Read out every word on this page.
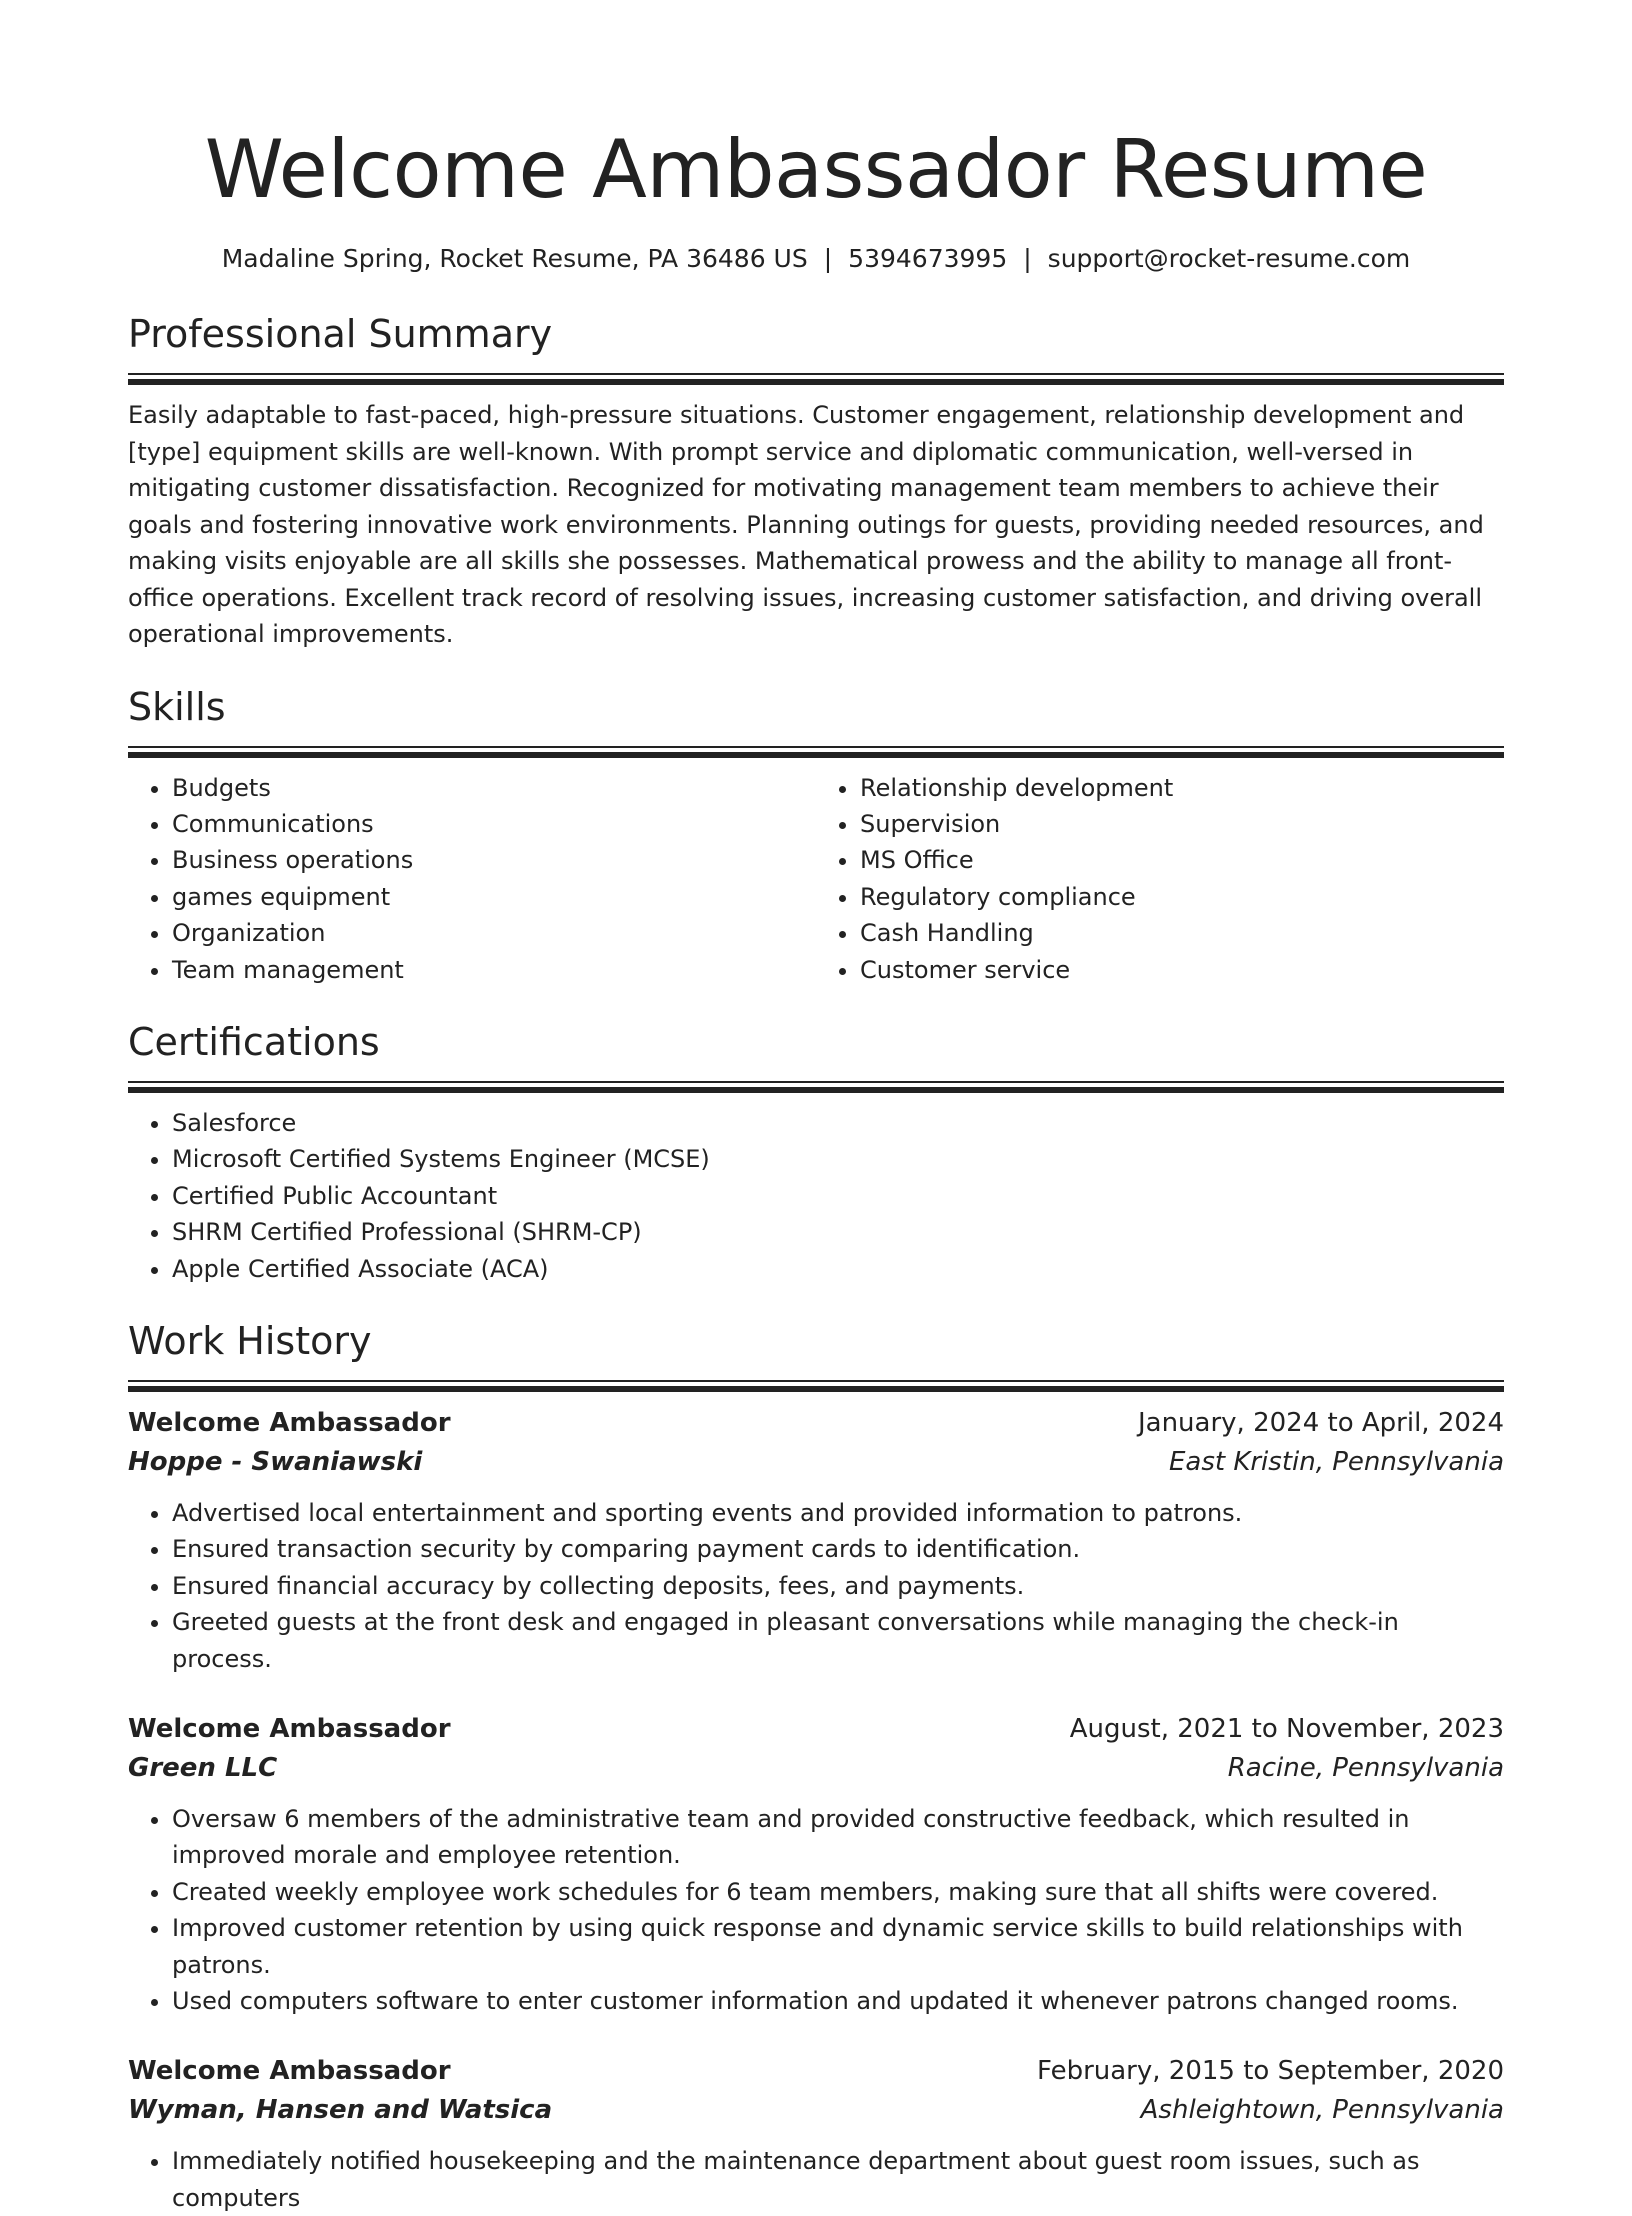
Welcome Ambassador Resume
Madaline Spring, Rocket Resume, PA 36486 US | 5394673995 | support@rocket-resume.com
Professional Summary

Easily adaptable to fast-paced, high-pressure situations. Customer engagement, relationship development and [type] equipment skills are well-known. With prompt service and diplomatic communication, well-versed in mitigating customer dissatisfaction. Recognized for motivating management team members to achieve their goals and fostering innovative work environments. Planning outings for guests, providing needed resources, and making visits enjoyable are all skills she possesses. Mathematical prowess and the ability to manage all front-office operations. Excellent track record of resolving issues, increasing customer satisfaction, and driving overall operational improvements.

Skills
• Budgets
• Communications
• Business operations
• games equipment
• Organization
• Team management
• Relationship development
• Supervision
• MS Office
• Regulatory compliance
• Cash Handling
• Customer service
Certifications
• Salesforce
• Microsoft Certified Systems Engineer (MCSE)
• Certified Public Accountant
• SHRM Certified Professional (SHRM-CP)
• Apple Certified Associate (ACA)
Work History
Welcome Ambassador	January, 2024 to April, 2024
Hoppe - Swaniawski	East Kristin, Pennsylvania
• Advertised local entertainment and sporting events and provided information to patrons.
• Ensured transaction security by comparing payment cards to identification.
• Ensured financial accuracy by collecting deposits, fees, and payments.
• Greeted guests at the front desk and engaged in pleasant conversations while managing the check-in process.
Welcome Ambassador	August, 2021 to November, 2023
Green LLC	Racine, Pennsylvania
• Oversaw 6 members of the administrative team and provided constructive feedback, which resulted in improved morale and employee retention.
• Created weekly employee work schedules for 6 team members, making sure that all shifts were covered.
• Improved customer retention by using quick response and dynamic service skills to build relationships with patrons.
• Used computers software to enter customer information and updated it whenever patrons changed rooms.
Welcome Ambassador	February, 2015 to September, 2020
Wyman, Hansen and Watsica	Ashleightown, Pennsylvania
• Immediately notified housekeeping and the maintenance department about guest room issues, such as computers
